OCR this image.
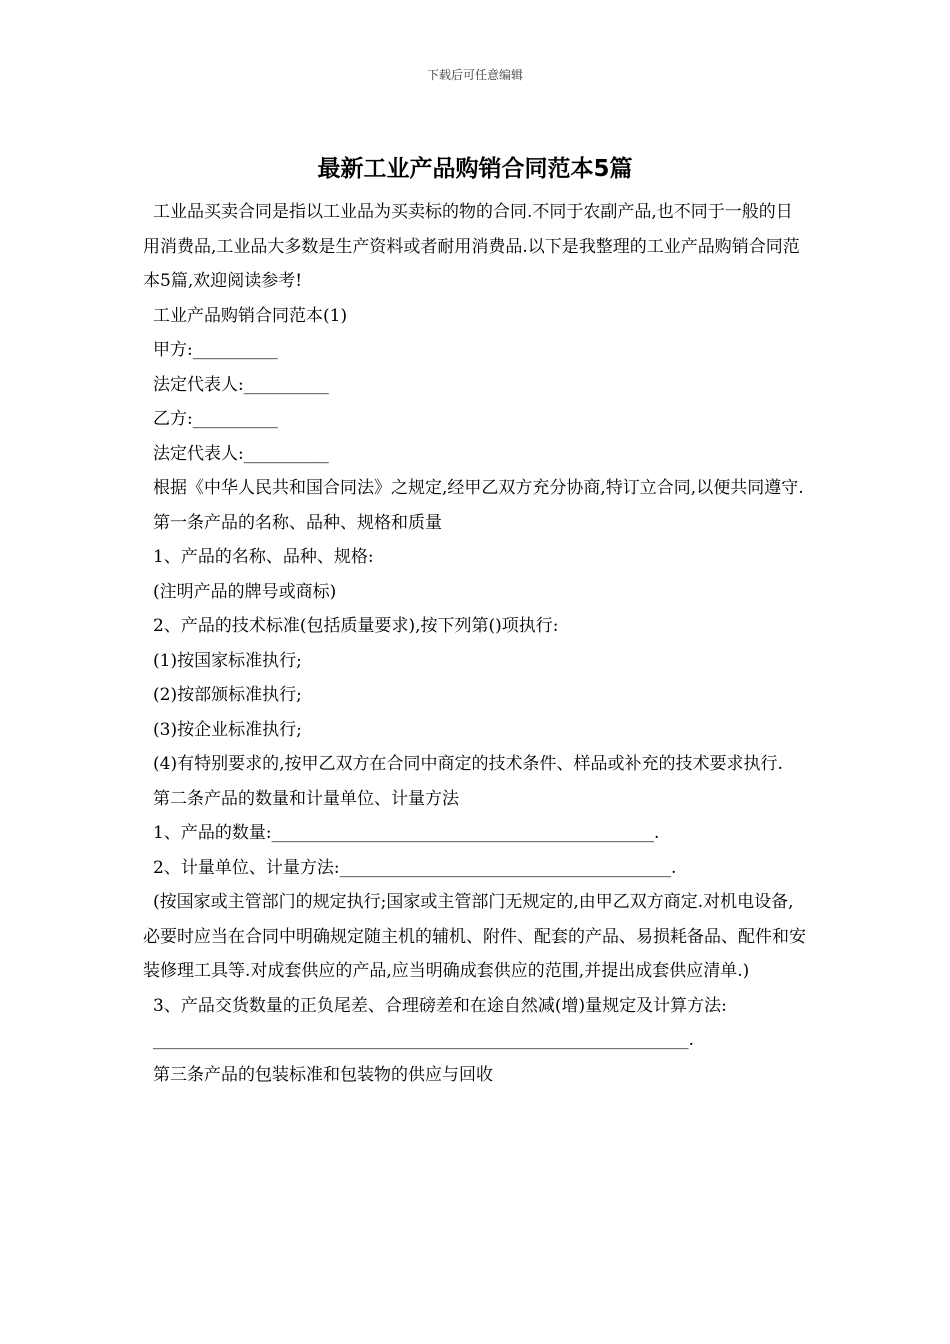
下载后可任意编辑
最新工业产品购销合同范本5篇

工业品买卖合同是指以工业品为买卖标的物的合同.不同于农副产品,也不同于一般的日用消费品,工业品大多数是生产资料或者耐用消费品.以下是我整理的工业产品购销合同范本5篇,欢迎阅读参考!

工业产品购销合同范本(1)

甲方:__________

法定代表人:__________

乙方:__________

法定代表人:__________

根据《中华人民共和国合同法》之规定,经甲乙双方充分协商,特订立合同,以便共同遵守.

第一条产品的名称、品种、规格和质量

1、产品的名称、品种、规格:

(注明产品的牌号或商标)

2、产品的技术标准(包括质量要求),按下列第()项执行:

(1)按国家标准执行;

(2)按部颁标准执行;

(3)按企业标准执行;

(4)有特别要求的,按甲乙双方在合同中商定的技术条件、样品或补充的技术要求执行.

第二条产品的数量和计量单位、计量方法

1、产品的数量:_____________________________________________.

2、计量单位、计量方法:_______________________________________.

(按国家或主管部门的规定执行;国家或主管部门无规定的,由甲乙双方商定.对机电设备,必要时应当在合同中明确规定随主机的辅机、附件、配套的产品、易损耗备品、配件和安装修理工具等.对成套供应的产品,应当明确成套供应的范围,并提出成套供应清单.)

3、产品交货数量的正负尾差、合理磅差和在途自然减(增)量规定及计算方法:

_______________________________________________________________.

第三条产品的包装标准和包装物的供应与回收
